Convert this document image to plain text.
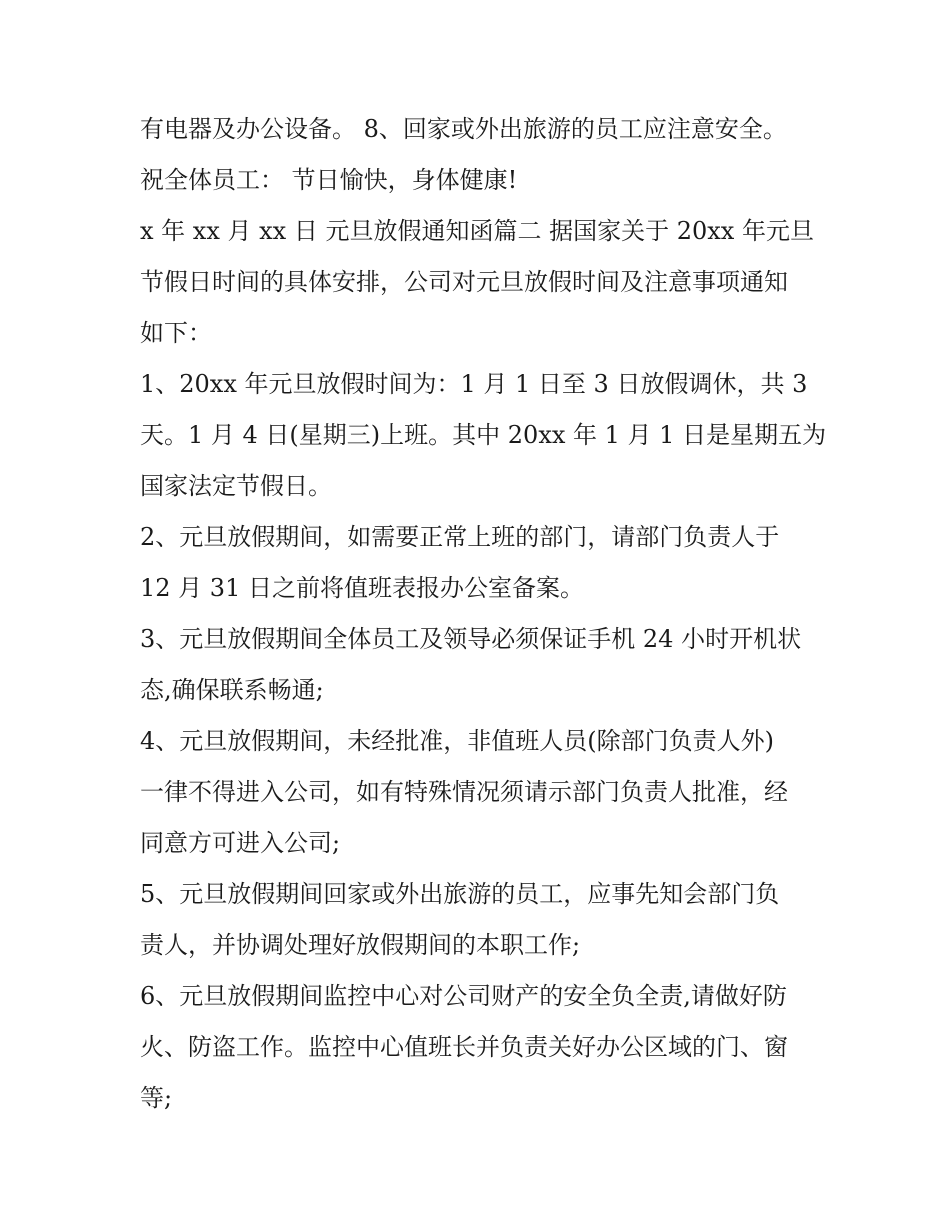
有电器及办公设备。 8、回家或外出旅游的员工应注意安全。
祝全体员工： 节日愉快，身体健康!
x 年 xx 月 xx 日 元旦放假通知函篇二 据国家关于 20xx 年元旦
节假日时间的具体安排，公司对元旦放假时间及注意事项通知
如下：
1、20xx 年元旦放假时间为：1 月 1 日至 3 日放假调休，共 3
天。1 月 4 日(星期三)上班。其中 20xx 年 1 月 1 日是星期五为
国家法定节假日。
2、元旦放假期间，如需要正常上班的部门，请部门负责人于
12 月 31 日之前将值班表报办公室备案。
3、元旦放假期间全体员工及领导必须保证手机 24 小时开机状
态,确保联系畅通;
4、元旦放假期间，未经批准，非值班人员(除部门负责人外)
一律不得进入公司，如有特殊情况须请示部门负责人批准，经
同意方可进入公司;
5、元旦放假期间回家或外出旅游的员工，应事先知会部门负
责人，并协调处理好放假期间的本职工作;
6、元旦放假期间监控中心对公司财产的安全负全责,请做好防
火、防盗工作。监控中心值班长并负责关好办公区域的门、窗
等;
